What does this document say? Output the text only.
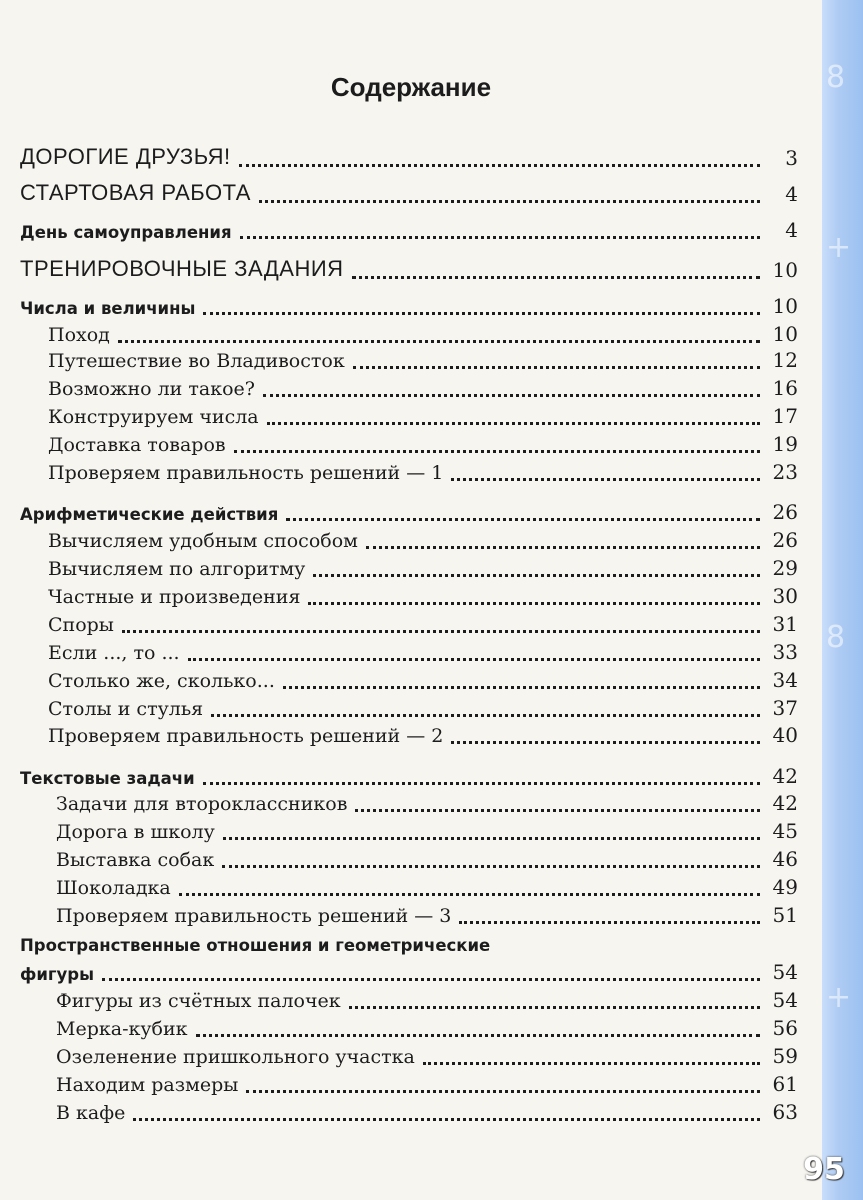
Содержание
ДОРОГИЕ ДРУЗЬЯ!	3
СТАРТОВАЯ РАБОТА	4
День самоуправления	4
ТРЕНИРОВОЧНЫЕ ЗАДАНИЯ	10
Числа и величины	10
Поход	10
Путешествие во Владивосток	12
Возможно ли такое?	16
Конструируем числа	17
Доставка товаров	19
Проверяем правильность решений — 1	23
Арифметические действия	26
Вычисляем удобным способом	26
Вычисляем по алгоритму	29
Частные и произведения	30
Споры	31
Если ..., то ...	33
Столько же, сколько...	34
Столы и стулья	37
Проверяем правильность решений — 2	40
Текстовые задачи	42
Задачи для второклассников	42
Дорога в школу	45
Выставка собак	46
Шоколадка	49
Проверяем правильность решений — 3	51
Пространственные отношения и геометрические
фигуры	54
Фигуры из счётных палочек	54
Мерка-кубик	56
Озеленение пришкольного участка	59
Находим размеры	61
В кафе	63
8
+
8
+
95
